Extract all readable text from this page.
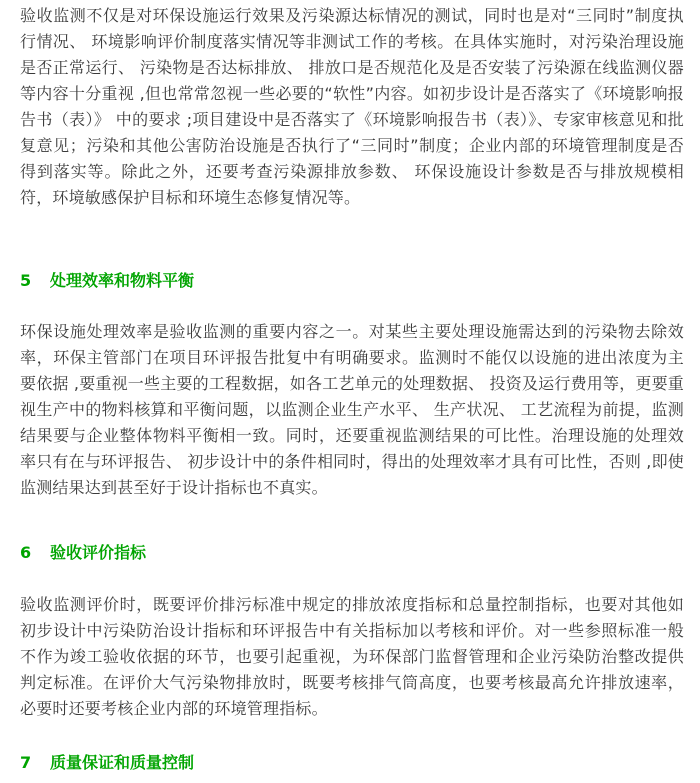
验收监测不仅是对环保设施运行效果及污染源达标情况的测试，同时也是对“三同时”制度执行情况、 环境影响评价制度落实情况等非测试工作的考核。在具体实施时，对污染治理设施是否正常运行、 污染物是否达标排放、 排放口是否规范化及是否安装了污染源在线监测仪器等内容十分重视 ,但也常常忽视一些必要的“软性”内容。如初步设计是否落实了《环境影响报告书（表）》 中的要求 ;项目建设中是否落实了《环境影响报告书（表）》、专家审核意见和批复意见；污染和其他公害防治设施是否执行了“三同时”制度；企业内部的环境管理制度是否得到落实等。除此之外，还要考查污染源排放参数、 环保设施设计参数是否与排放规模相符，环境敏感保护目标和环境生态修复情况等。

5 处理效率和物料平衡

环保设施处理效率是验收监测的重要内容之一。对某些主要处理设施需达到的污染物去除效率，环保主管部门在项目环评报告批复中有明确要求。监测时不能仅以设施的进出浓度为主要依据 ,要重视一些主要的工程数据，如各工艺单元的处理数据、 投资及运行费用等，更要重视生产中的物料核算和平衡问题，以监测企业生产水平、 生产状况、 工艺流程为前提，监测结果要与企业整体物料平衡相一致。同时，还要重视监测结果的可比性。治理设施的处理效率只有在与环评报告、 初步设计中的条件相同时，得出的处理效率才具有可比性，否则 ,即使监测结果达到甚至好于设计指标也不真实。

6 验收评价指标

验收监测评价时，既要评价排污标准中规定的排放浓度指标和总量控制指标，也要对其他如初步设计中污染防治设计指标和环评报告中有关指标加以考核和评价。对一些参照标准一般不作为竣工验收依据的环节，也要引起重视，为环保部门监督管理和企业污染防治整改提供判定标准。在评价大气污染物排放时，既要考核排气筒高度，也要考核最高允许排放速率，必要时还要考核企业内部的环境管理指标。

7 质量保证和质量控制
